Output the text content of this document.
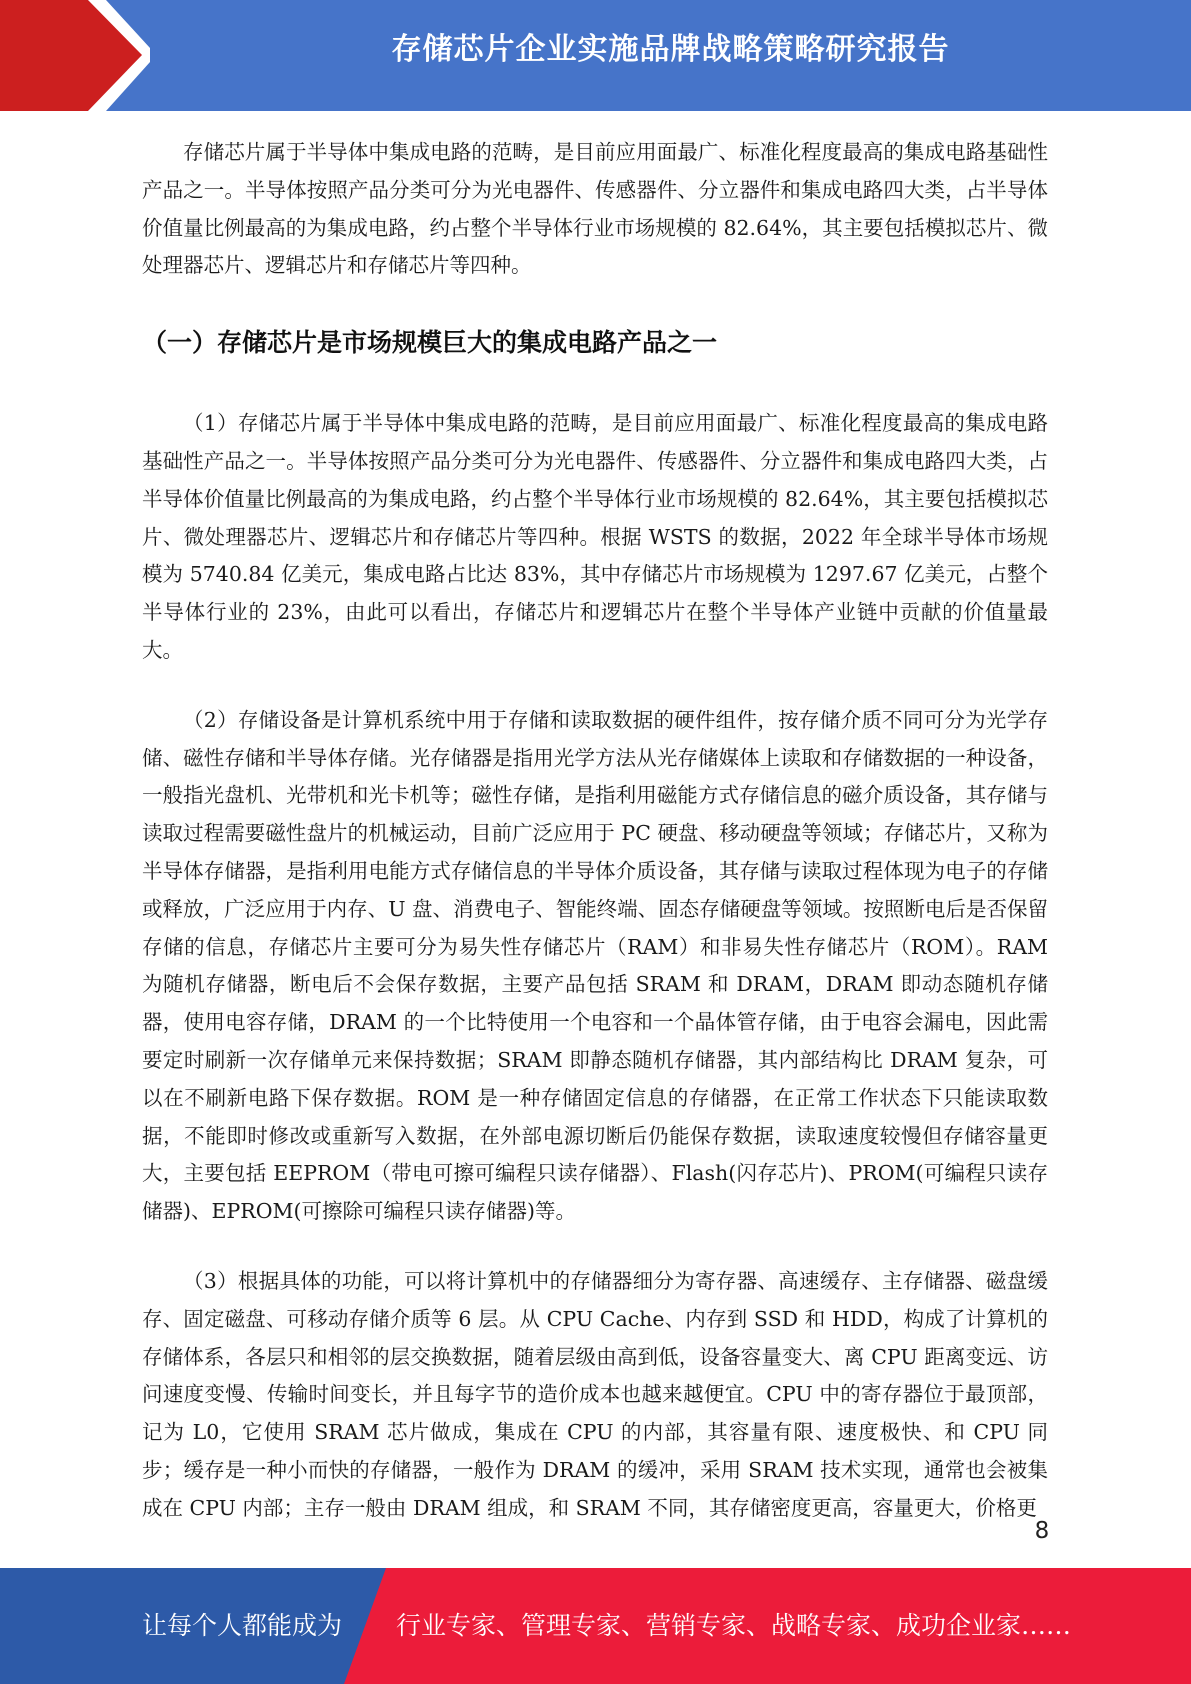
存储芯片企业实施品牌战略策略研究报告

存储芯片属于半导体中集成电路的范畴，是目前应用面最广、标准化程度最高的集成电路基础性产品之一。半导体按照产品分类可分为光电器件、传感器件、分立器件和集成电路四大类，占半导体价值量比例最高的为集成电路，约占整个半导体行业市场规模的 82.64%，其主要包括模拟芯片、微处理器芯片、逻辑芯片和存储芯片等四种。

（一）存储芯片是市场规模巨大的集成电路产品之一

（1）存储芯片属于半导体中集成电路的范畴，是目前应用面最广、标准化程度最高的集成电路基础性产品之一。半导体按照产品分类可分为光电器件、传感器件、分立器件和集成电路四大类，占半导体价值量比例最高的为集成电路，约占整个半导体行业市场规模的 82.64%，其主要包括模拟芯片、微处理器芯片、逻辑芯片和存储芯片等四种。根据 WSTS 的数据，2022 年全球半导体市场规模为 5740.84 亿美元，集成电路占比达 83%，其中存储芯片市场规模为 1297.67 亿美元，占整个半导体行业的 23%，由此可以看出，存储芯片和逻辑芯片在整个半导体产业链中贡献的价值量最大。

（2）存储设备是计算机系统中用于存储和读取数据的硬件组件，按存储介质不同可分为光学存储、磁性存储和半导体存储。光存储器是指用光学方法从光存储媒体上读取和存储数据的一种设备，一般指光盘机、光带机和光卡机等；磁性存储，是指利用磁能方式存储信息的磁介质设备，其存储与读取过程需要磁性盘片的机械运动，目前广泛应用于 PC 硬盘、移动硬盘等领域；存储芯片，又称为半导体存储器，是指利用电能方式存储信息的半导体介质设备，其存储与读取过程体现为电子的存储或释放，广泛应用于内存、U 盘、消费电子、智能终端、固态存储硬盘等领域。按照断电后是否保留存储的信息，存储芯片主要可分为易失性存储芯片（RAM）和非易失性存储芯片（ROM）。RAM 为随机存储器，断电后不会保存数据，主要产品包括 SRAM 和 DRAM，DRAM 即动态随机存储器，使用电容存储，DRAM 的一个比特使用一个电容和一个晶体管存储，由于电容会漏电，因此需要定时刷新一次存储单元来保持数据；SRAM 即静态随机存储器，其内部结构比 DRAM 复杂，可以在不刷新电路下保存数据。ROM 是一种存储固定信息的存储器，在正常工作状态下只能读取数据，不能即时修改或重新写入数据，在外部电源切断后仍能保存数据，读取速度较慢但存储容量更大，主要包括 EEPROM（带电可擦可编程只读存储器）、Flash(闪存芯片)、PROM(可编程只读存储器)、EPROM(可擦除可编程只读存储器)等。

（3）根据具体的功能，可以将计算机中的存储器细分为寄存器、高速缓存、主存储器、磁盘缓存、固定磁盘、可移动存储介质等 6 层。从 CPU Cache、内存到 SSD 和 HDD，构成了计算机的存储体系，各层只和相邻的层交换数据，随着层级由高到低，设备容量变大、离 CPU 距离变远、访问速度变慢、传输时间变长，并且每字节的造价成本也越来越便宜。CPU 中的寄存器位于最顶部，记为 L0，它使用 SRAM 芯片做成，集成在 CPU 的内部，其容量有限、速度极快、和 CPU 同步；缓存是一种小而快的存储器，一般作为 DRAM 的缓冲，采用 SRAM 技术实现，通常也会被集成在 CPU 内部；主存一般由 DRAM 组成，和 SRAM 不同，其存储密度更高，容量更大，价格更

8
让每个人都能成为 行业专家、管理专家、营销专家、战略专家、成功企业家……
